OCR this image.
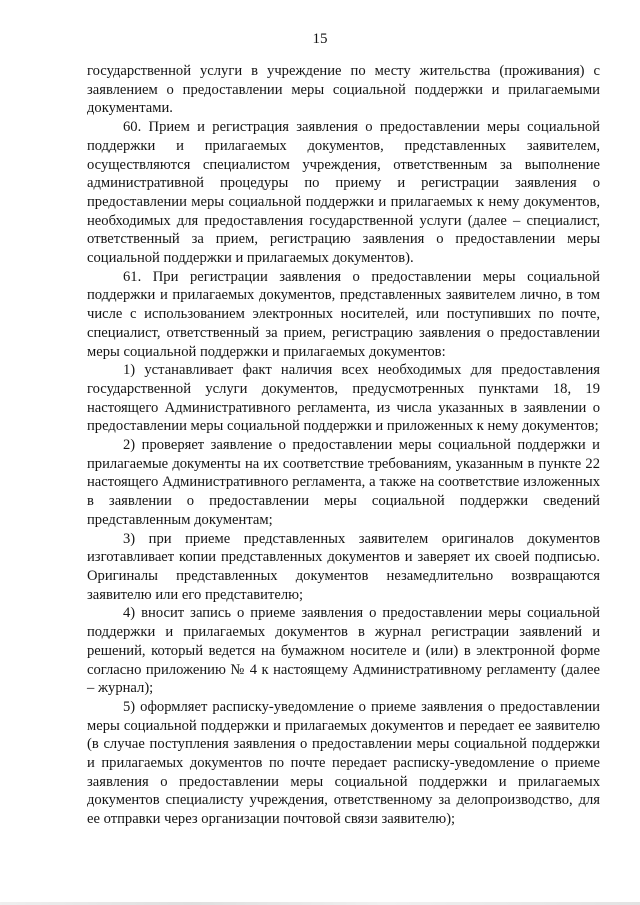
15

государственной услуги в учреждение по месту жительства (проживания) с заявлением о предоставлении меры социальной поддержки и прилагаемыми документами.

60. Прием и регистрация заявления о предоставлении меры социальной поддержки и прилагаемых документов, представленных заявителем, осуществляются специалистом учреждения, ответственным за выполнение административной процедуры по приему и регистрации заявления о предоставлении меры социальной поддержки и прилагаемых к нему документов, необходимых для предоставления государственной услуги (далее – специалист, ответственный за прием, регистрацию заявления о предоставлении меры социальной поддержки и прилагаемых документов).

61. При регистрации заявления о предоставлении меры социальной поддержки и прилагаемых документов, представленных заявителем лично, в том числе с использованием электронных носителей, или поступивших по почте, специалист, ответственный за прием, регистрацию заявления о предоставлении меры социальной поддержки и прилагаемых документов:

1) устанавливает факт наличия всех необходимых для предоставления государственной услуги документов, предусмотренных пунктами 18, 19 настоящего Административного регламента, из числа указанных в заявлении о предоставлении меры социальной поддержки и приложенных к нему документов;

2) проверяет заявление о предоставлении меры социальной поддержки и прилагаемые документы на их соответствие требованиям, указанным в пункте 22 настоящего Административного регламента, а также на соответствие изложенных в заявлении о предоставлении меры социальной поддержки сведений представленным документам;

3) при приеме представленных заявителем оригиналов документов изготавливает копии представленных документов и заверяет их своей подписью. Оригиналы представленных документов незамедлительно возвращаются заявителю или его представителю;

4) вносит запись о приеме заявления о предоставлении меры социальной поддержки и прилагаемых документов в журнал регистрации заявлений и решений, который ведется на бумажном носителе и (или) в электронной форме согласно приложению № 4 к настоящему Административному регламенту (далее – журнал);

5) оформляет расписку-уведомление о приеме заявления о предоставлении меры социальной поддержки и прилагаемых документов и передает ее заявителю (в случае поступления заявления о предоставлении меры социальной поддержки и прилагаемых документов по почте передает расписку-уведомление о приеме заявления о предоставлении меры социальной поддержки и прилагаемых документов специалисту учреждения, ответственному за делопроизводство, для ее отправки через организации почтовой связи заявителю);
